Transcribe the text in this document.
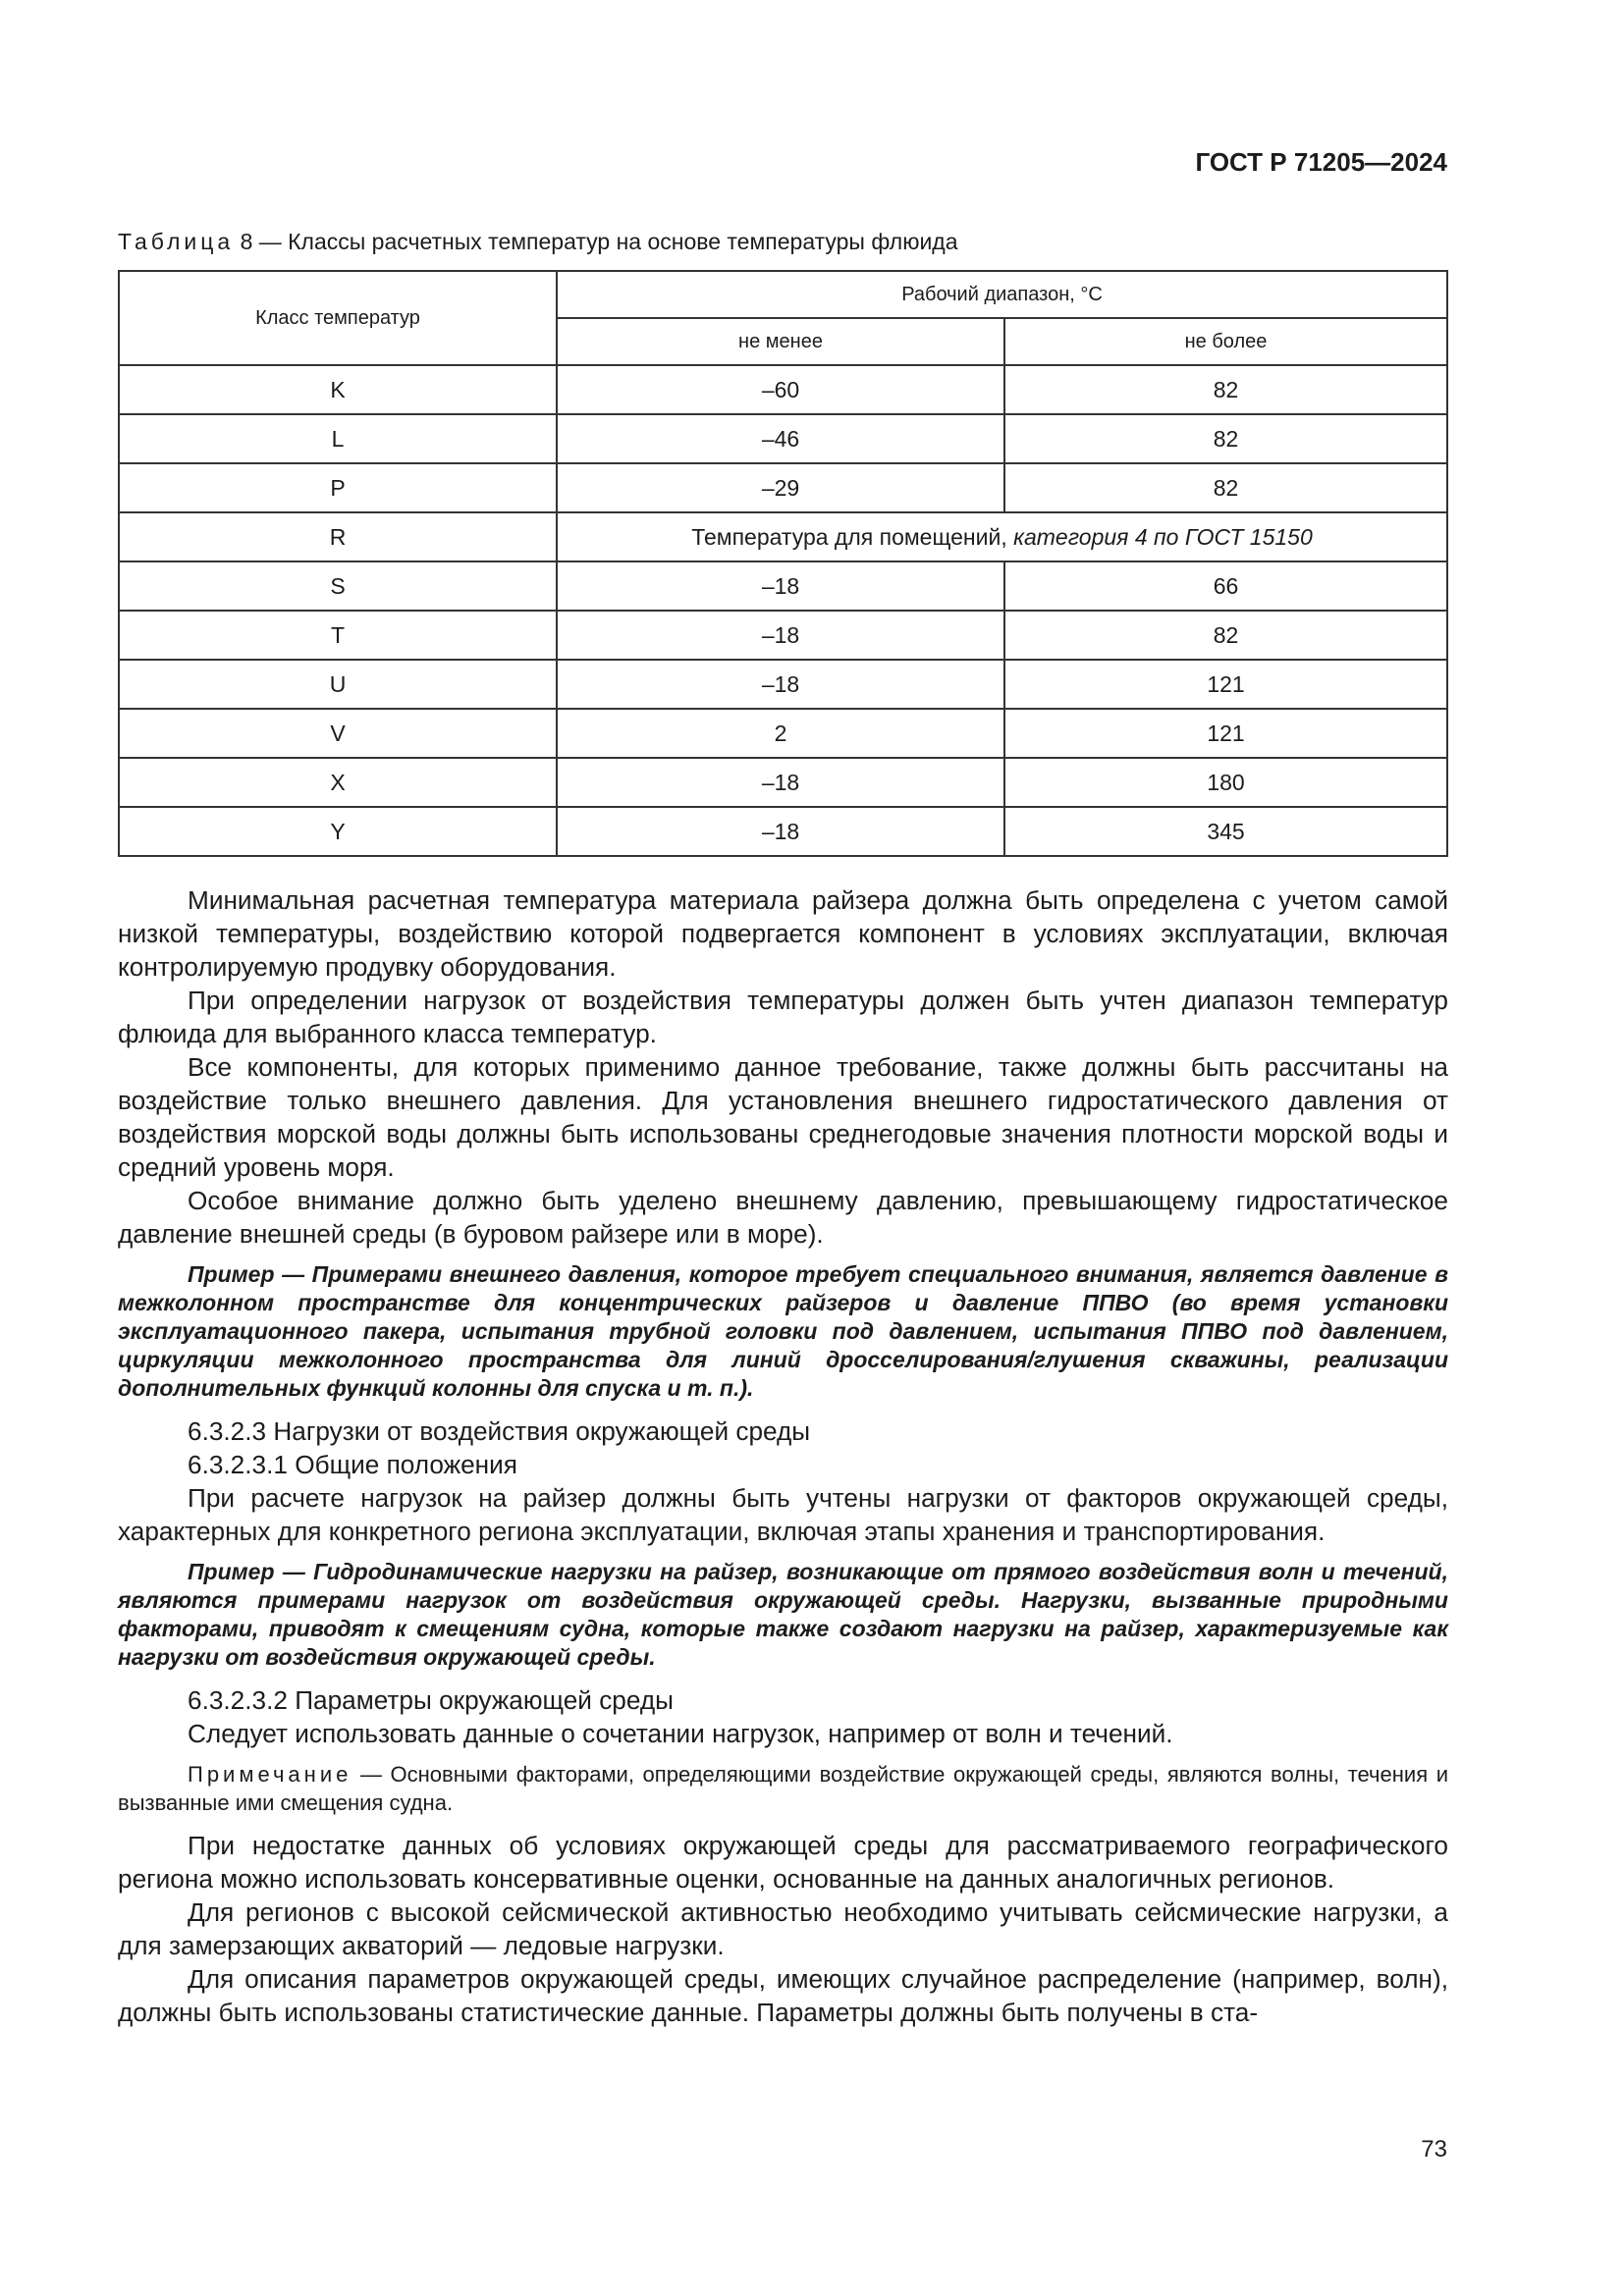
ГОСТ Р 71205—2024
Таблица 8 — Классы расчетных температур на основе температуры флюида
Класс температур	Рабочий диапазон, °С	
	не менее	не более
K	–60	82
L	–46	82
P	–29	82
R	Температура для помещений, категория 4 по ГОСТ 15150	
S	–18	66
T	–18	82
U	–18	121
V	2	121
X	–18	180
Y	–18	345

Минимальная расчетная температура материала райзера должна быть определена с учетом самой низкой температуры, воздействию которой подвергается компонент в условиях эксплуатации, включая контролируемую продувку оборудования.

При определении нагрузок от воздействия температуры должен быть учтен диапазон температур флюида для выбранного класса температур.

Все компоненты, для которых применимо данное требование, также должны быть рассчитаны на воздействие только внешнего давления. Для установления внешнего гидростатического давления от воздействия морской воды должны быть использованы среднегодовые значения плотности морской воды и средний уровень моря.

Особое внимание должно быть уделено внешнему давлению, превышающему гидростатическое давление внешней среды (в буровом райзере или в море).

Пример — Примерами внешнего давления, которое требует специального внимания, является давление в межколонном пространстве для концентрических райзеров и давление ППВО (во время установки эксплуатационного пакера, испытания трубной головки под давлением, испытания ППВО под давлением, циркуляции межколонного пространства для линий дросселирования/глушения скважины, реализации дополнительных функций колонны для спуска и т. п.).

6.3.2.3 Нагрузки от воздействия окружающей среды

6.3.2.3.1 Общие положения

При расчете нагрузок на райзер должны быть учтены нагрузки от факторов окружающей среды, характерных для конкретного региона эксплуатации, включая этапы хранения и транспортирования.

Пример — Гидродинамические нагрузки на райзер, возникающие от прямого воздействия волн и течений, являются примерами нагрузок от воздействия окружающей среды. Нагрузки, вызванные природными факторами, приводят к смещениям судна, которые также создают нагрузки на райзер, характеризуемые как нагрузки от воздействия окружающей среды.

6.3.2.3.2 Параметры окружающей среды

Следует использовать данные о сочетании нагрузок, например от волн и течений.

Примечание — Основными факторами, определяющими воздействие окружающей среды, являются волны, течения и вызванные ими смещения судна.

При недостатке данных об условиях окружающей среды для рассматриваемого географического региона можно использовать консервативные оценки, основанные на данных аналогичных регионов.

Для регионов с высокой сейсмической активностью необходимо учитывать сейсмические нагрузки, а для замерзающих акваторий — ледовые нагрузки.

Для описания параметров окружающей среды, имеющих случайное распределение (например, волн), должны быть использованы статистические данные. Параметры должны быть получены в ста-

73
